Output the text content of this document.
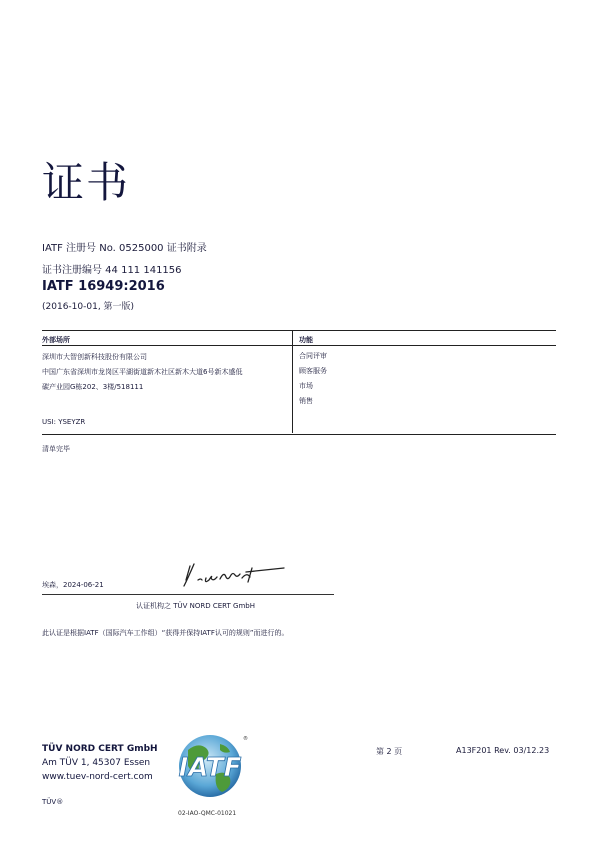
证书
IATF 注册号 No. 0525000 证书附录
证书注册编号 44 111 141156
IATF 16949:2016
(2016-10-01, 第一版)
外部场所	功能
深圳市大智创新科技股份有限公司
中国广东省深圳市龙岗区平湖街道新木社区新木大道6号新木盛低
碳产业园G栋202、3楼/518111
合同评审
顾客服务
市场
销售
USI: YSEYZR
清单完毕
埃森，2024-06-21
认证机构之 TÜV NORD CERT GmbH
此认证是根据IATF（国际汽车工作组）“获得并保持IATF认可的规则”而进行的。
TÜV NORD CERT GmbH
Am TÜV 1, 45307 Essen
www.tuev-nord-cert.com
TÜV®
IATF
®
02-IAO-QMC-01021
第 2 页	A13F201 Rev. 03/12.23
